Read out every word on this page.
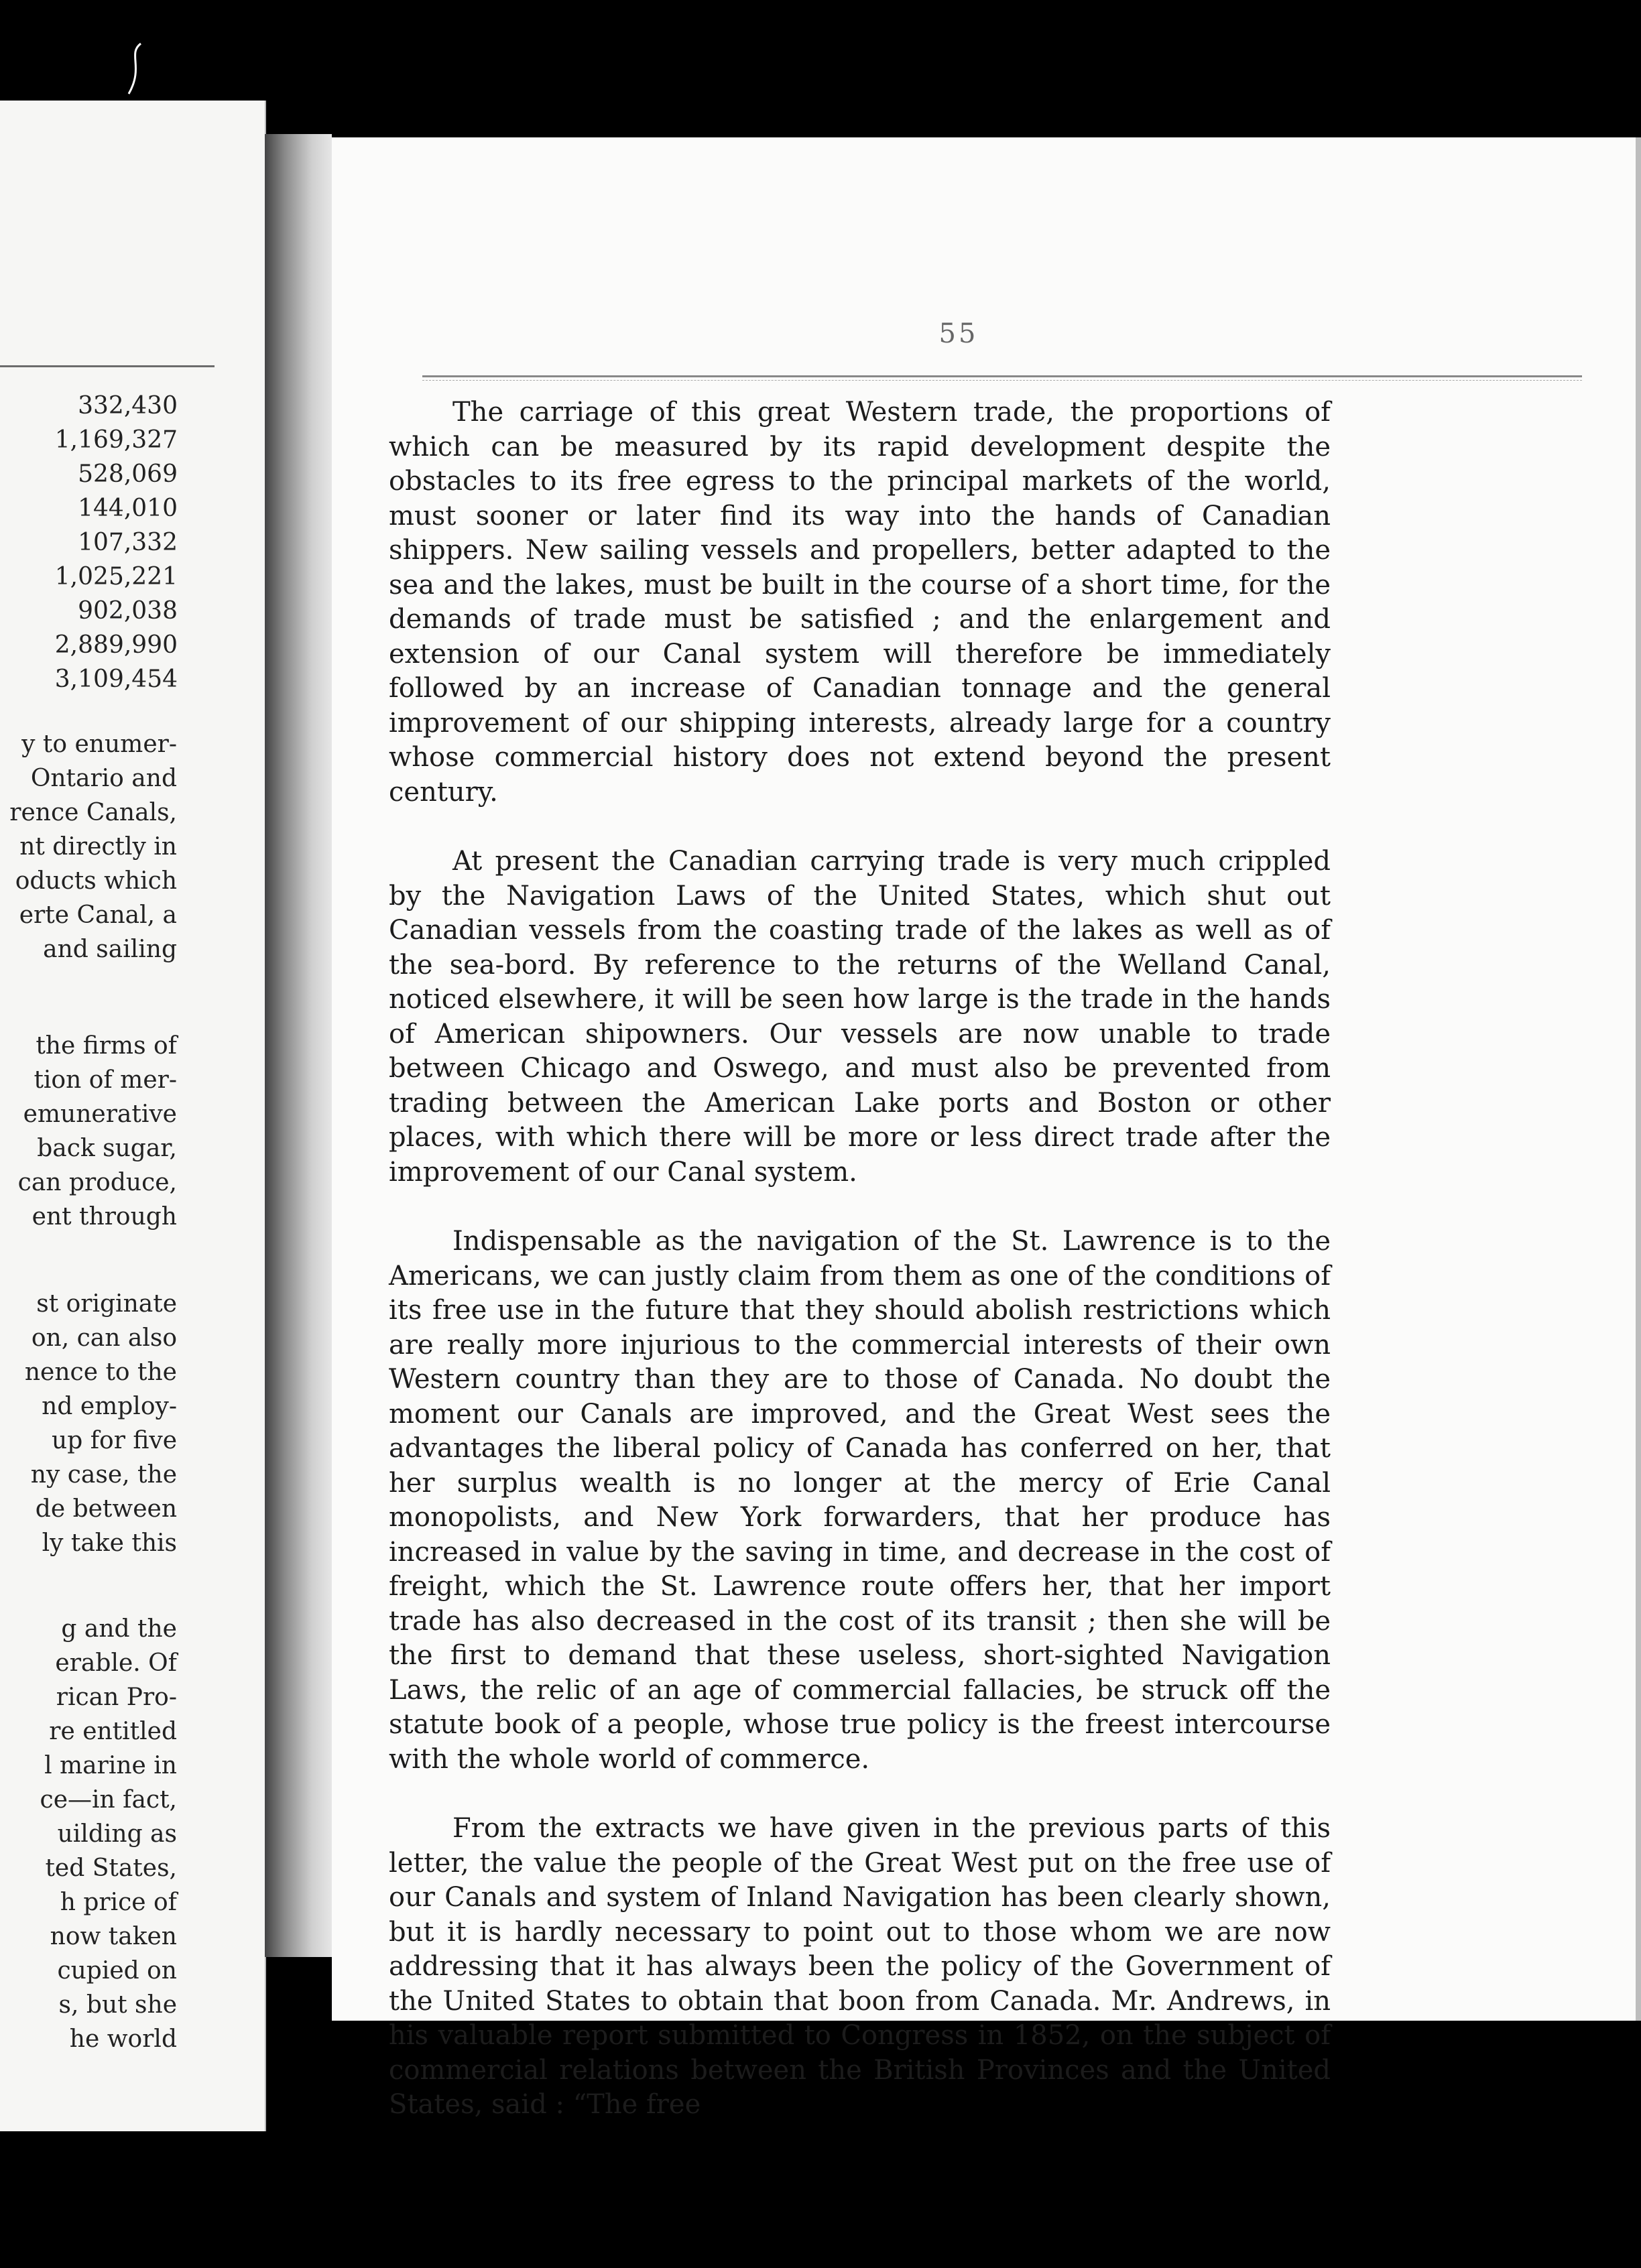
332,430
1,169,327
528,069
144,010
107,332
1,025,221
902,038
2,889,990
3,109,454
y to enumer-
Ontario and
rence Canals,
nt directly in
oducts which
erte Canal, a
and sailing
the firms of
tion of mer-
emunerative
back sugar,
can produce,
ent through
st originate
on, can also
nence to the
nd employ-
up for five
ny case, the
de between
ly take this
g and the
erable. Of
rican Pro-
re entitled
l marine in
ce—in fact,
uilding as
ted States,
h price of
now taken
cupied on
s, but she
he world
55

The carriage of this great Western trade, the proportions of which can be measured by its rapid development despite the obstacles to its free egress to the principal markets of the world, must sooner or later find its way into the hands of Canadian shippers. New sailing vessels and propellers, better adapted to the sea and the lakes, must be built in the course of a short time, for the demands of trade must be satisfied ; and the enlargement and extension of our Canal system will therefore be immediately followed by an increase of Canadian tonnage and the general improvement of our shipping interests, already large for a country whose commercial history does not extend beyond the present century.

At present the Canadian carrying trade is very much crippled by the Navigation Laws of the United States, which shut out Canadian vessels from the coasting trade of the lakes as well as of the sea-bord. By reference to the returns of the Welland Canal, noticed elsewhere, it will be seen how large is the trade in the hands of American shipowners. Our vessels are now unable to trade between Chicago and Oswego, and must also be prevented from trading between the American Lake ports and Boston or other places, with which there will be more or less direct trade after the improvement of our Canal system.

Indispensable as the navigation of the St. Lawrence is to the Americans, we can justly claim from them as one of the conditions of its free use in the future that they should abolish restrictions which are really more injurious to the commercial interests of their own Western country than they are to those of Canada. No doubt the moment our Canals are improved, and the Great West sees the advantages the liberal policy of Canada has conferred on her, that her surplus wealth is no longer at the mercy of Erie Canal monopolists, and New York forwarders, that her produce has increased in value by the saving in time, and decrease in the cost of freight, which the St. Lawrence route offers her, that her import trade has also decreased in the cost of its transit ; then she will be the first to demand that these useless, short-sighted Navigation Laws, the relic of an age of commercial fallacies, be struck off the statute book of a people, whose true policy is the freest intercourse with the whole world of commerce.

From the extracts we have given in the previous parts of this letter, the value the people of the Great West put on the free use of our Canals and system of Inland Navigation has been clearly shown, but it is hardly necessary to point out to those whom we are now addressing that it has always been the policy of the Government of the United States to obtain that boon from Canada. Mr. Andrews, in his valuable report submitted to Congress in 1852, on the subject of commercial relations between the British Provinces and the United States, said : “The free
